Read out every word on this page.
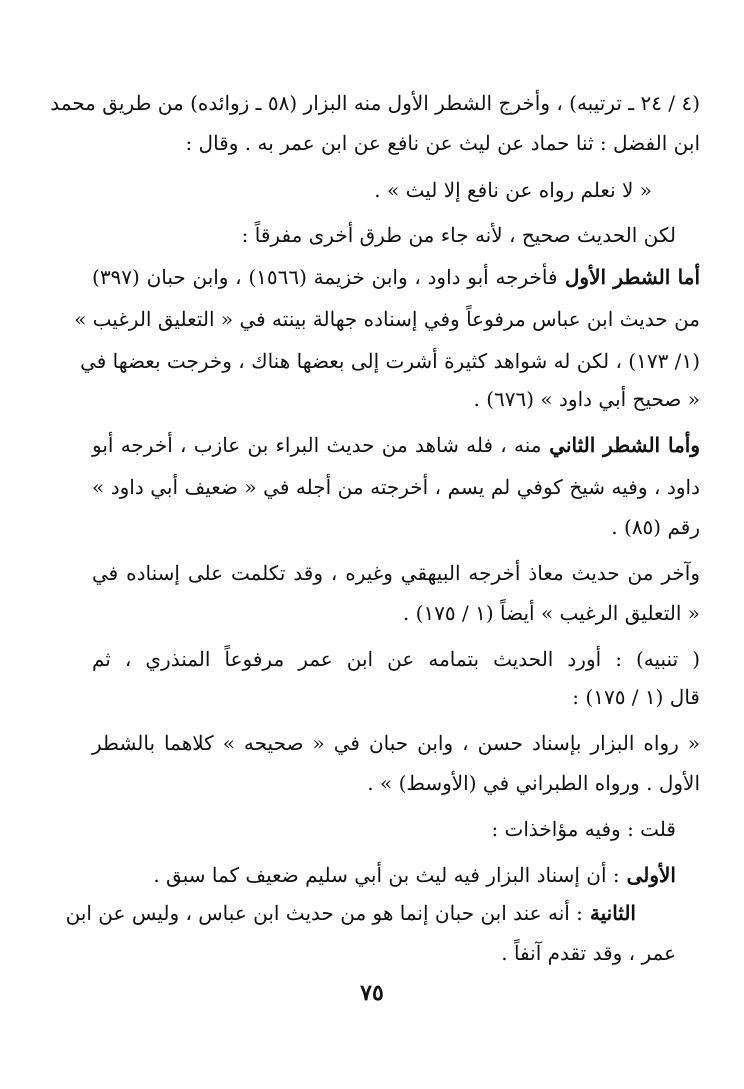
(٤ / ٢٤ ـ ترتيبه) ، وأخرج الشطر الأول منه البزار (٥٨ ـ زوائده) من طريق محمد
ابن الفضل : ثنا حماد عن ليث عن نافع عن ابن عمر به . وقال :
« لا نعلم رواه عن نافع إلا ليث » .
لكن الحديث صحيح ، لأنه جاء من طرق أخرى مفرقاً :
أما الشطر الأول فأخرجه أبو داود ، وابن خزيمة (١٥٦٦) ، وابن حبان (٣٩٧)
من حديث ابن عباس مرفوعاً وفي إسناده جهالة بينته في « التعليق الرغيب »
(١/ ١٧٣) ، لكن له شواهد كثيرة أشرت إلى بعضها هناك ، وخرجت بعضها في
« صحيح أبي داود » (٦٧٦) .
وأما الشطر الثاني منه ، فله شاهد من حديث البراء بن عازب ، أخرجه أبو
داود ، وفيه شيخ كوفي لم يسم ، أخرجته من أجله في « ضعيف أبي داود »
رقم (٨٥) .
وآخر من حديث معاذ أخرجه البيهقي وغيره ، وقد تكلمت على إسناده في
« التعليق الرغيب » أيضاً (١ / ١٧٥) .
( تنبيه) : أورد الحديث بتمامه عن ابن عمر مرفوعاً المنذري ، ثم
قال (١ / ١٧٥) :
« رواه البزار بإسناد حسن ، وابن حبان في « صحيحه » كلاهما بالشطر
الأول . ورواه الطبراني في (الأوسط) » .
قلت : وفيه مؤاخذات :
الأولى : أن إسناد البزار فيه ليث بن أبي سليم ضعيف كما سبق .
الثانية : أنه عند ابن حبان إنما هو من حديث ابن عباس ، وليس عن ابن
عمر ، وقد تقدم آنفاً .
٧٥
